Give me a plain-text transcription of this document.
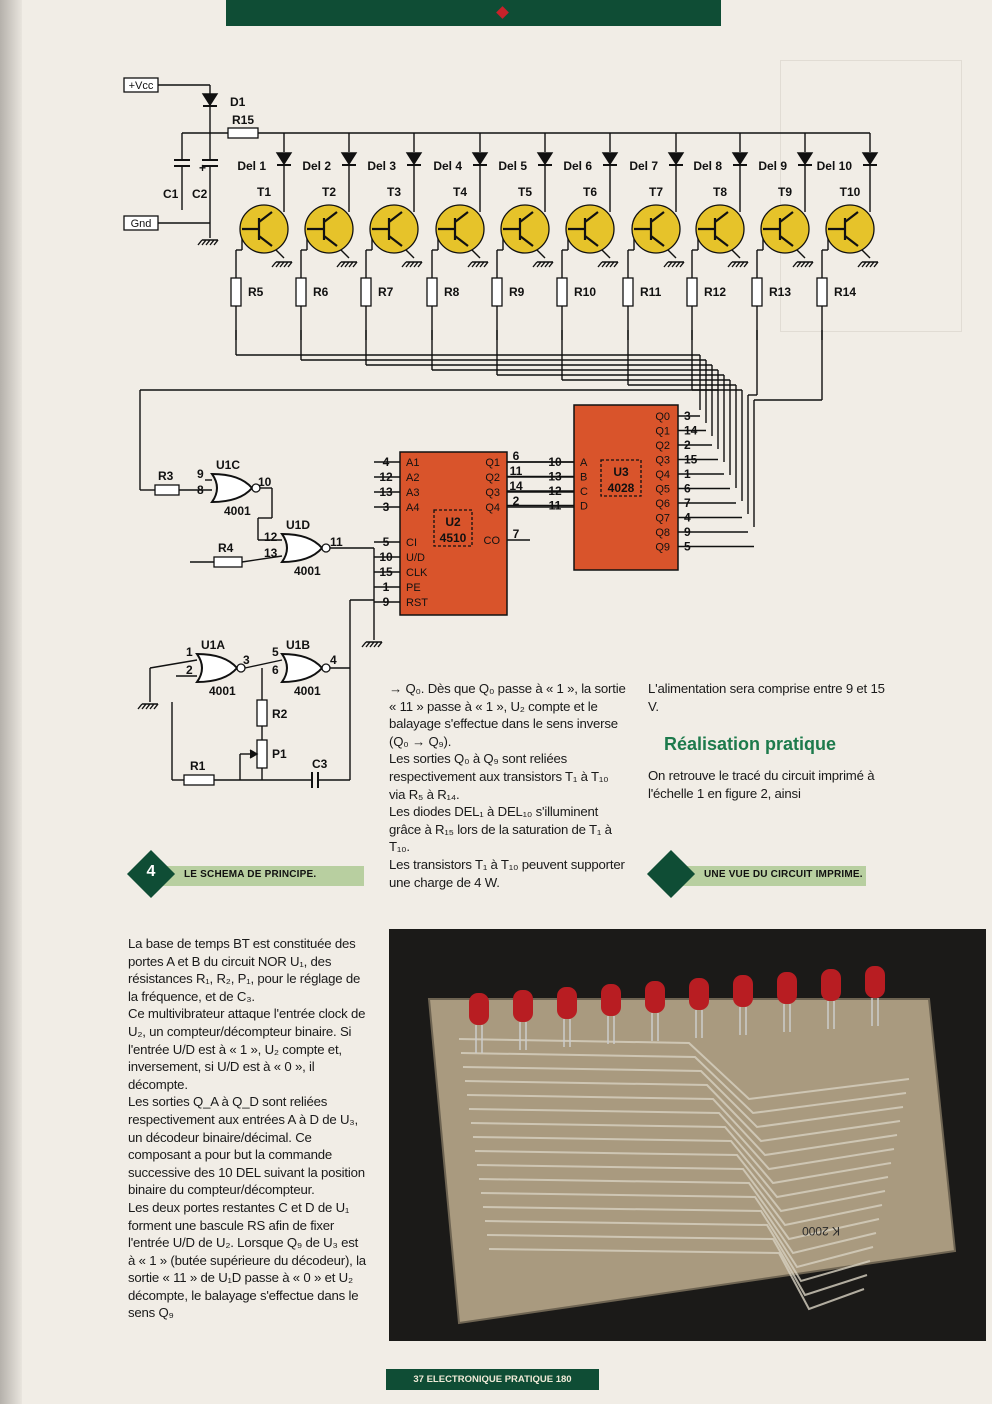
+Vcc
Gnd
D1
R15
C1 C2
+	Del 1
T1
R5
Del 2
T2
R6
Del 3
T3
R7
Del 4
T4
R8
Del 5
T5
R9
Del 6
T6
R10
Del 7
T7
R11
Del 8
T8
R12
Del 9
T9
R13
Del 10
T10
R14
U3
4028
Q0 3
Q1 14
Q2 2
Q3 15
Q4 1
Q5 6
Q6 7
Q7 4
Q8 9
Q9 5
A
10
B
13
C
12
D
11
U2
4510
A1
4
A2
12
A3
13
A4
3
CI
5
U/D
10
CLK
15
PE
1
RST
9
Q1 6
Q2 11
Q3 14
Q4 2
CO 7
U1C
4001
9
8
10
U1D
4001
12
13
11
U1A
4001
1
2
3
U1B
4001
5
6
4
R3
R4
R2
P1
R1	C3
4	LE SCHEMA DE PRINCIPE.	UNE VUE DU CIRCUIT IMPRIME.

La base de temps BT est constituée des portes A et B du circuit NOR U₁, des résistances R₁, R₂, P₁, pour le réglage de la fréquence, et de C₃.

Ce multivibrateur attaque l'entrée clock de U₂, un compteur/décompteur binaire. Si l'entrée U/D est à « 1 », U₂ compte et, inversement, si U/D est à « 0 », il décompte.

Les sorties Q_A à Q_D sont reliées respectivement aux entrées A à D de U₃, un décodeur binaire/décimal. Ce composant a pour but la commande successive des 10 DEL suivant la position binaire du compteur/décompteur.

Les deux portes restantes C et D de U₁ forment une bascule RS afin de fixer l'entrée U/D de U₂. Lorsque Q₉ de U₃ est à « 1 » (butée supérieure du décodeur), la sortie « 11 » de U₁D passe à « 0 » et U₂ décompte, le balayage s'effectue dans le sens Q₉

→ Q₀. Dès que Q₀ passe à « 1 », la sortie « 11 » passe à « 1 », U₂ compte et le balayage s'effectue dans le sens inverse (Q₀ → Q₉).

Les sorties Q₀ à Q₉ sont reliées respectivement aux transistors T₁ à T₁₀ via R₅ à R₁₄.

Les diodes DEL₁ à DEL₁₀ s'illuminent grâce à R₁₅ lors de la saturation de T₁ à T₁₀.

Les transistors T₁ à T₁₀ peuvent supporter une charge de 4 W.

L'alimentation sera comprise entre 9 et 15 V.

Réalisation pratique

On retrouve le tracé du circuit imprimé à l'échelle 1 en figure 2, ainsi

K 2000
37 ELECTRONIQUE PRATIQUE 180
